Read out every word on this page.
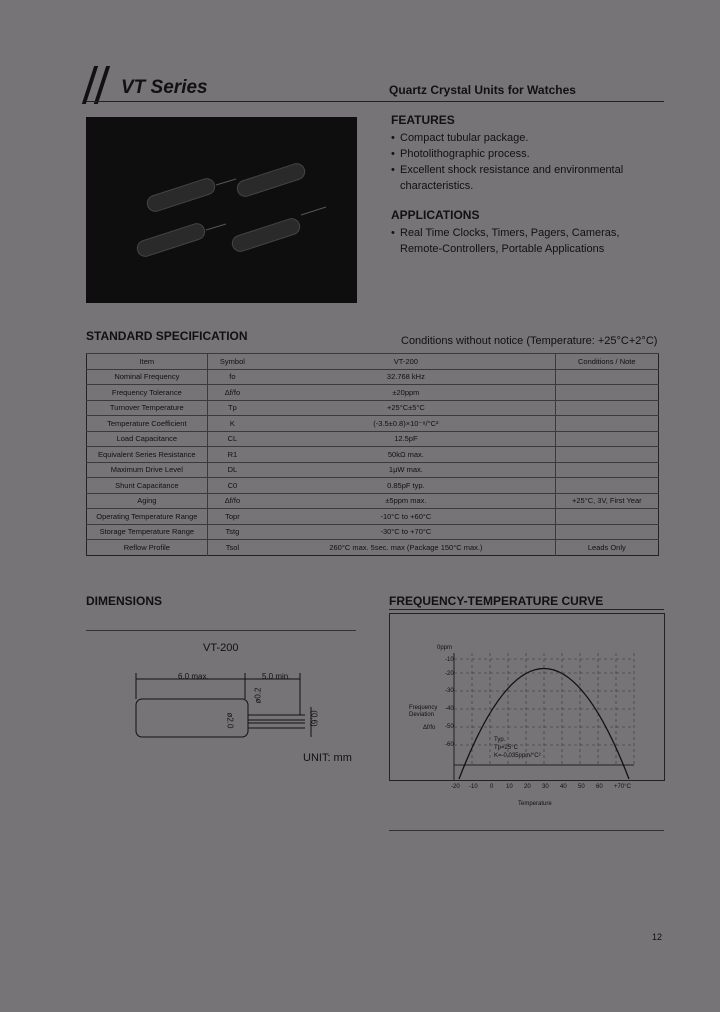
VT Series	Quartz Crystal Units for Watches
FEATURES
• Compact tubular package.
• Photolithographic process.
• Excellent shock resistance and environmental characteristics.
APPLICATIONS
• Real Time Clocks, Timers, Pagers, Cameras, Remote-Controllers, Portable Applications
STANDARD SPECIFICATION	Conditions without notice (Temperature: +25°C+2°C)
Item	Symbol	VT-200	Conditions / Note
Nominal Frequency	fo	32.768 kHz	
Frequency Tolerance	Δf/fo	±20ppm	
Turnover Temperature	Tp	+25°C±5°C	
Temperature Coefficient	K	(-3.5±0.8)×10⁻⁸/°C²	
Load Capacitance	CL	12.5pF	
Equivalent Series Resistance	R1	50kΩ max.	
Maximum Drive Level	DL	1μW max.	
Shunt Capacitance	C0	0.85pF typ.	
Aging	Δf/fo	±5ppm max.	+25°C, 3V, First Year
Operating Temperature Range	Topr	-10°C to +60°C	
Storage Temperature Range	Tstg	-30°C to +70°C	
Reflow Profile	Tsol	260°C max. 5sec. max (Package 150°C max.)	Leads Only
DIMENSIONS
VT-200
6.0 max.	5.0 min.
ø0.2
ø2.0	(0.6)
UNIT: mm
FREQUENCY-TEMPERATURE CURVE
0ppm
-10
-20
-30
-40
-50
-60
Frequency Deviation
Δf/fo
-20 -10 0 10 20 30 40 50 60 +70°C
Temperature
Typ.
Tp=25°C
K=-0.035ppm/°C²
12
